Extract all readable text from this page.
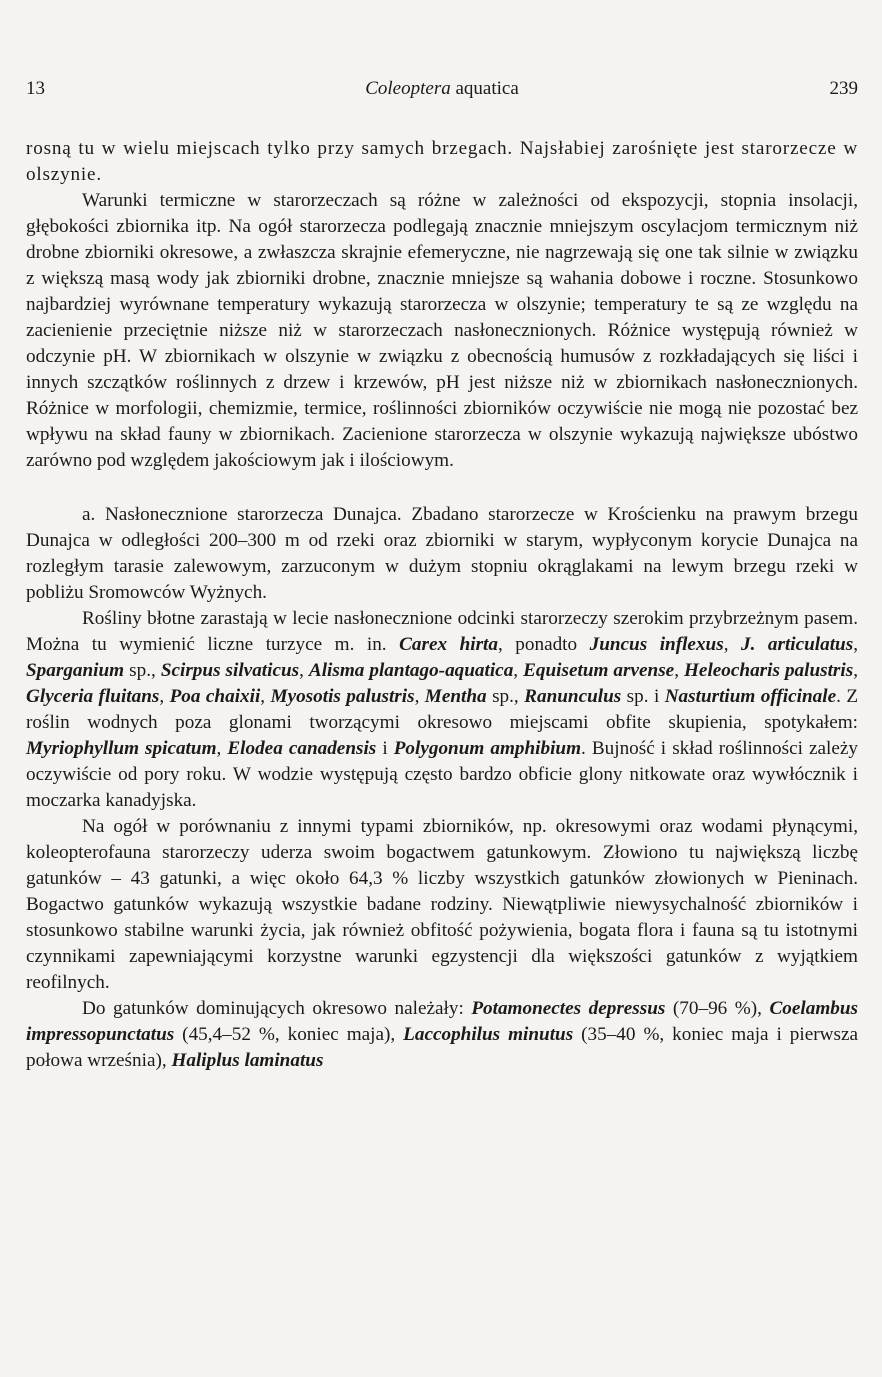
13	Coleoptera aquatica	239

rosną tu w wielu miejscach tylko przy samych brzegach. Najsłabiej zarośnięte jest starorzecze w olszynie.

Warunki termiczne w starorzeczach są różne w zależności od ekspozycji, stopnia insolacji, głębokości zbiornika itp. Na ogół starorzecza podlegają znacznie mniejszym oscylacjom termicznym niż drobne zbiorniki okresowe, a zwłaszcza skrajnie efemeryczne, nie nagrzewają się one tak silnie w związku z większą masą wody jak zbiorniki drobne, znacznie mniejsze są wahania dobowe i roczne. Stosunkowo najbardziej wyrównane temperatury wykazują starorzecza w olszynie; temperatury te są ze względu na zacienienie przeciętnie niższe niż w starorzeczach nasłonecznionych. Różnice występują również w odczynie pH. W zbiornikach w olszynie w związku z obecnością humusów z rozkładających się liści i innych szczątków roślinnych z drzew i krzewów, pH jest niższe niż w zbiornikach nasłonecznionych. Różnice w morfologii, chemizmie, termice, roślinności zbiorników oczywiście nie mogą nie pozostać bez wpływu na skład fauny w zbiornikach. Zacienione starorzecza w olszynie wykazują największe ubóstwo zarówno pod względem jakościowym jak i ilościowym.

a. Nasłonecznione starorzecza Dunajca. Zbadano starorzecze w Krościenku na prawym brzegu Dunajca w odległości 200–300 m od rzeki oraz zbiorniki w starym, wypłyconym korycie Dunajca na rozległym tarasie zalewowym, zarzuconym w dużym stopniu okrąglakami na lewym brzegu rzeki w pobliżu Sromowców Wyżnych.

Rośliny błotne zarastają w lecie nasłonecznione odcinki starorzeczy szerokim przybrzeżnym pasem. Można tu wymienić liczne turzyce m. in. Carex hirta, ponadto Juncus inflexus, J. articulatus, Sparganium sp., Scirpus silvaticus, Alisma plantago-aquatica, Equisetum arvense, Heleocharis palustris, Glyceria fluitans, Poa chaixii, Myosotis palustris, Mentha sp., Ranunculus sp. i Nasturtium officinale. Z roślin wodnych poza glonami tworzącymi okresowo miejscami obfite skupienia, spotykałem: Myriophyllum spicatum, Elodea canadensis i Polygonum amphibium. Bujność i skład roślinności zależy oczywiście od pory roku. W wodzie występują często bardzo obficie glony nitkowate oraz wywłócznik i moczarka kanadyjska.

Na ogół w porównaniu z innymi typami zbiorników, np. okresowymi oraz wodami płynącymi, koleopterofauna starorzeczy uderza swoim bogactwem gatunkowym. Złowiono tu największą liczbę gatunków – 43 gatunki, a więc około 64,3 % liczby wszystkich gatunków złowionych w Pieninach. Bogactwo gatunków wykazują wszystkie badane rodziny. Niewątpliwie niewysychalność zbiorników i stosunkowo stabilne warunki życia, jak również obfitość pożywienia, bogata flora i fauna są tu istotnymi czynnikami zapewniającymi korzystne warunki egzystencji dla większości gatunków z wyjątkiem reofilnych.

Do gatunków dominujących okresowo należały: Potamonectes depressus (70–96 %), Coelambus impressopunctatus (45,4–52 %, koniec maja), Laccophilus minutus (35–40 %, koniec maja i pierwsza połowa września), Haliplus laminatus
